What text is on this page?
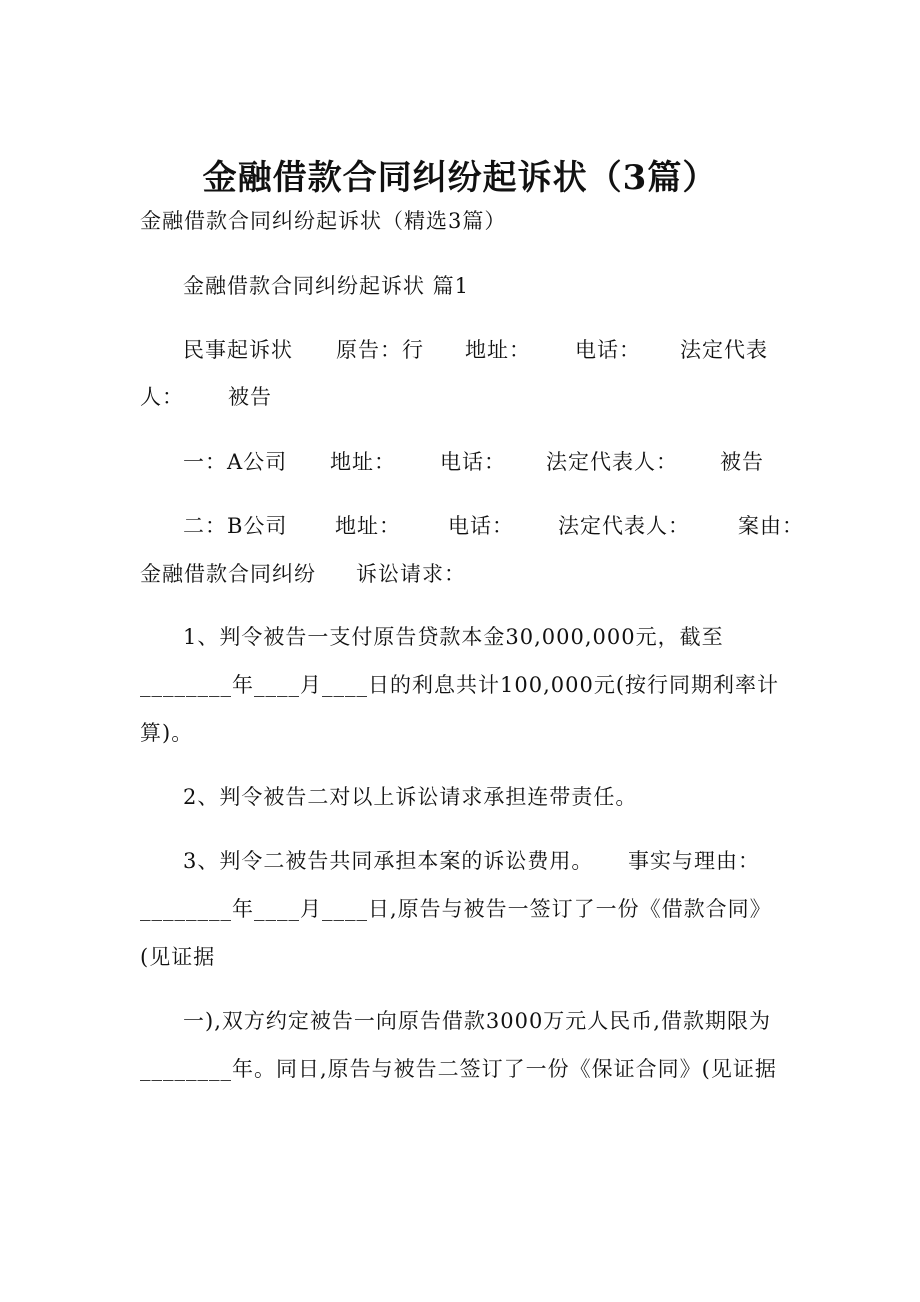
金融借款合同纠纷起诉状（3篇）
金融借款合同纠纷起诉状（精选3篇）
金融借款合同纠纷起诉状 篇1
民事起诉状 原告：行 地址： 电话： 法定代表
人： 被告
一：A公司 地址： 电话： 法定代表人： 被告
二：B公司 地址： 电话： 法定代表人： 案由：
金融借款合同纠纷 诉讼请求：
1、判令被告一支付原告贷款本金30,000,000元，截至
________年____月____日的利息共计100,000元(按行同期利率计
算)。
2、判令被告二对以上诉讼请求承担连带责任。
3、判令二被告共同承担本案的诉讼费用。 事实与理由：
________年____月____日,原告与被告一签订了一份《借款合同》
(见证据
一),双方约定被告一向原告借款3000万元人民币,借款期限为
________年。同日,原告与被告二签订了一份《保证合同》(见证据
